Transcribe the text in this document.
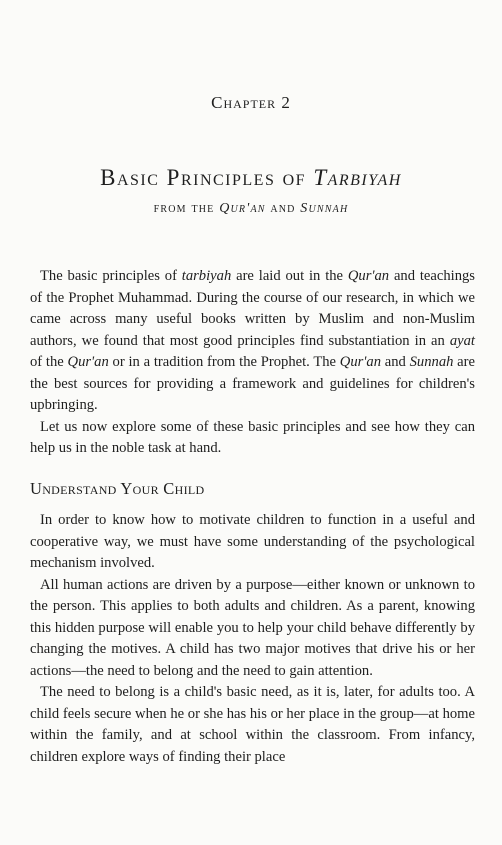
Chapter 2
Basic Principles of Tarbiyah
from the Qur'an and Sunnah

The basic principles of tarbiyah are laid out in the Qur'an and teachings of the Prophet Muhammad. During the course of our research, in which we came across many useful books written by Muslim and non-Muslim authors, we found that most good principles find substantiation in an ayat of the Qur'an or in a tradition from the Prophet. The Qur'an and Sunnah are the best sources for providing a framework and guidelines for children's upbringing.

Let us now explore some of these basic principles and see how they can help us in the noble task at hand.

Understand Your Child

In order to know how to motivate children to function in a useful and cooperative way, we must have some understanding of the psychological mechanism involved.

All human actions are driven by a purpose—either known or unknown to the person. This applies to both adults and children. As a parent, knowing this hidden purpose will enable you to help your child behave differently by changing the motives. A child has two major motives that drive his or her actions—the need to belong and the need to gain attention.

The need to belong is a child's basic need, as it is, later, for adults too. A child feels secure when he or she has his or her place in the group—at home within the family, and at school within the classroom. From infancy, children explore ways of finding their place
